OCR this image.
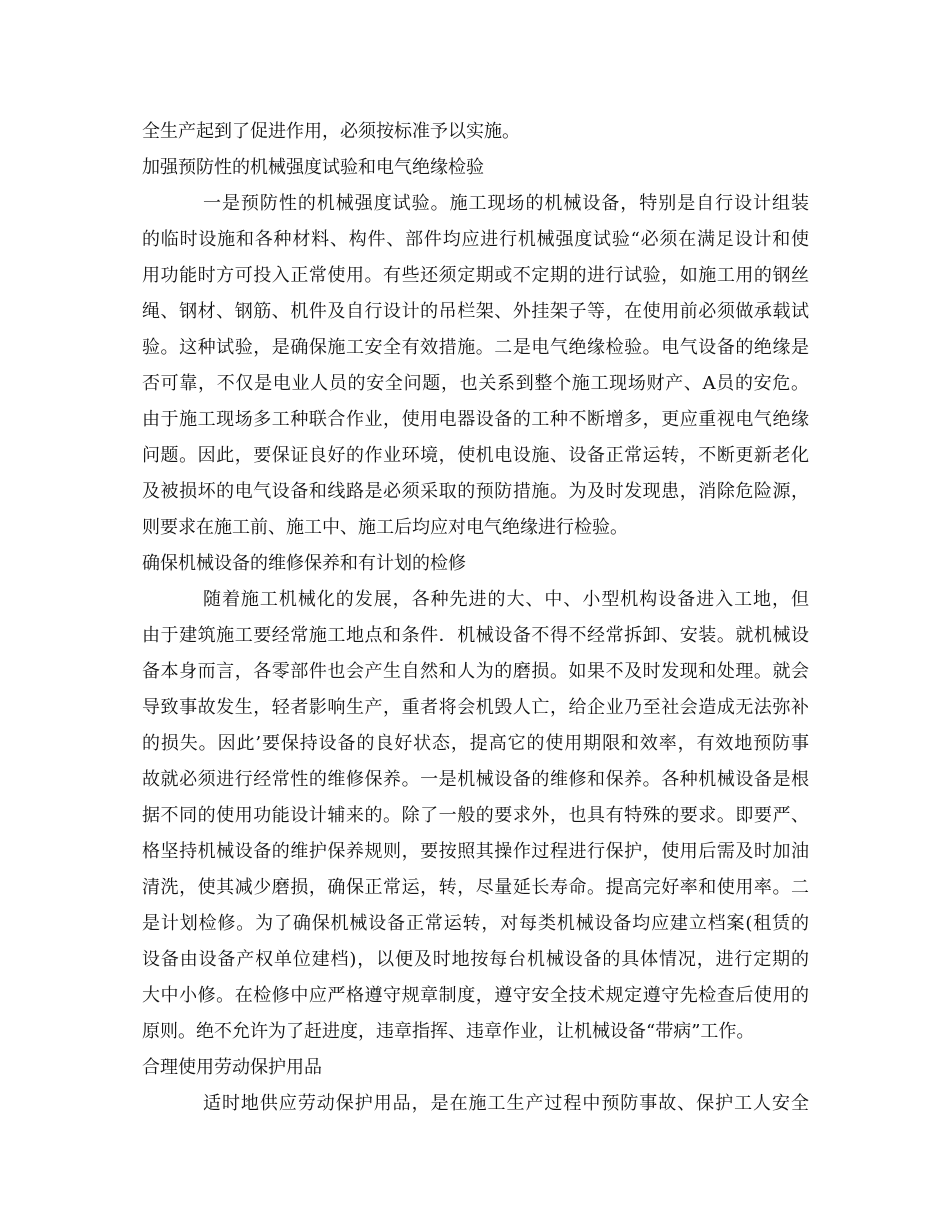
全生产起到了促进作用，必须按标准予以实施。
加强预防性的机械强度试验和电气绝缘检验
一是预防性的机械强度试验。施工现场的机械设备，特别是自行设计组装
的临时设施和各种材料、构件、部件均应进行机械强度试验“必须在满足设计和使
用功能时方可投入正常使用。有些还须定期或不定期的进行试验，如施工用的钢丝
绳、钢材、钢筋、机件及自行设计的吊栏架、外挂架子等，在使用前必须做承载试
验。这种试验，是确保施工安全有效措施。二是电气绝缘检验。电气设备的绝缘是
否可靠，不仅是电业人员的安全问题，也关系到整个施工现场财产、A员的安危。
由于施工现场多工种联合作业，使用电器设备的工种不断增多，更应重视电气绝缘
问题。因此，要保证良好的作业环境，使机电设施、设备正常运转，不断更新老化
及被损坏的电气设备和线路是必须采取的预防措施。为及时发现患，消除危险源，
则要求在施工前、施工中、施工后均应对电气绝缘进行检验。
确保机械设备的维修保养和有计划的检修
随着施工机械化的发展，各种先进的大、中、小型机构设备进入工地，但
由于建筑施工要经常施工地点和条件．机械设备不得不经常拆卸、安装。就机械设
备本身而言，各零部件也会产生自然和人为的磨损。如果不及时发现和处理。就会
导致事故发生，轻者影响生产，重者将会机毁人亡，给企业乃至社会造成无法弥补
的损失。因此’要保持设备的良好状态，提高它的使用期限和效率，有效地预防事
故就必须进行经常性的维修保养。一是机械设备的维修和保养。各种机械设备是根
据不同的使用功能设计辅来的。除了一般的要求外，也具有特殊的要求。即要严、
格坚持机械设备的维护保养规则，要按照其操作过程进行保护，使用后需及时加油
清洗，使其减少磨损，确保正常运，转，尽量延长寿命。提高完好率和使用率。二
是计划检修。为了确保机械设备正常运转，对每类机械设备均应建立档案(租赁的
设备由设备产权单位建档)，以便及时地按每台机械设备的具体情况，进行定期的
大中小修。在检修中应严格遵守规章制度，遵守安全技术规定遵守先检查后使用的
原则。绝不允许为了赶进度，违章指挥、违章作业，让机械设备“带病”工作。
合理使用劳动保护用品
适时地供应劳动保护用品，是在施工生产过程中预防事故、保护工人安全
